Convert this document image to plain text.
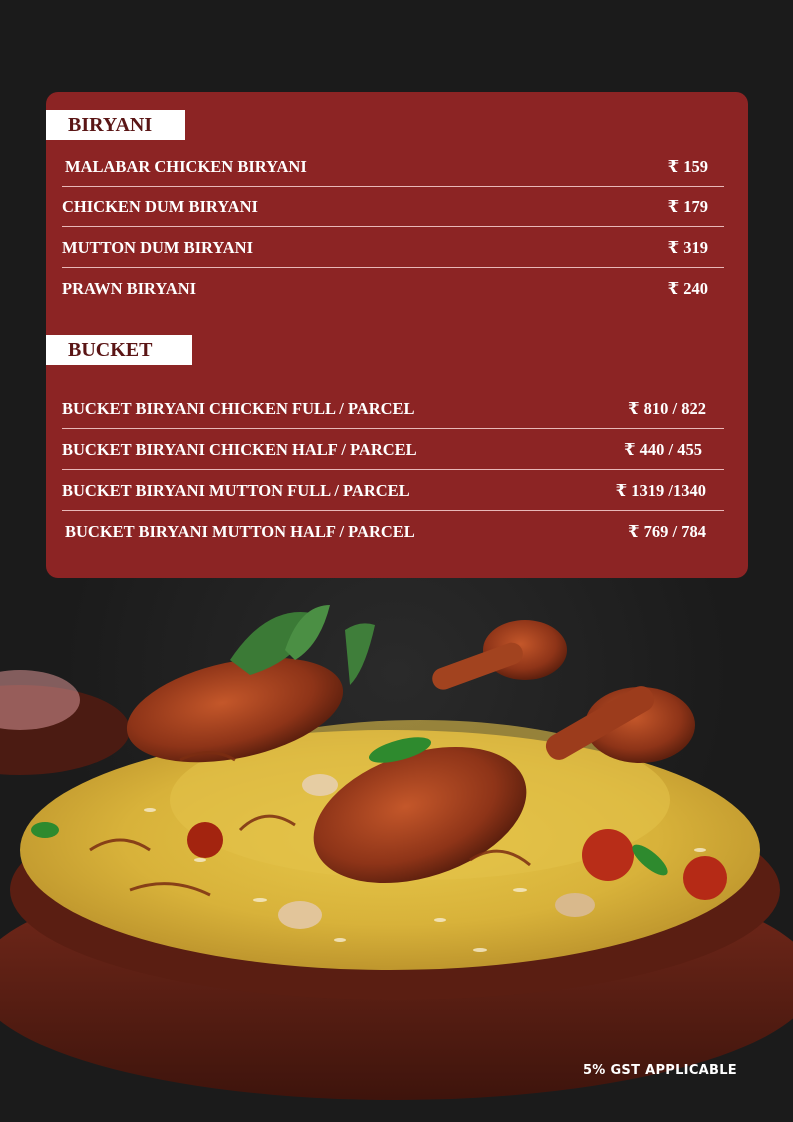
BIRYANI
MALABAR CHICKEN BIRYANI	₹ 159
CHICKEN DUM BIRYANI	₹ 179
MUTTON DUM BIRYANI	₹ 319
PRAWN BIRYANI	₹ 240
BUCKET
BUCKET BIRYANI CHICKEN FULL / PARCEL	₹ 810 / 822
BUCKET BIRYANI CHICKEN HALF / PARCEL	₹ 440 / 455
BUCKET BIRYANI MUTTON FULL / PARCEL	₹ 1319 /1340
BUCKET BIRYANI MUTTON HALF / PARCEL	₹ 769 / 784
5% GST APPLICABLE
